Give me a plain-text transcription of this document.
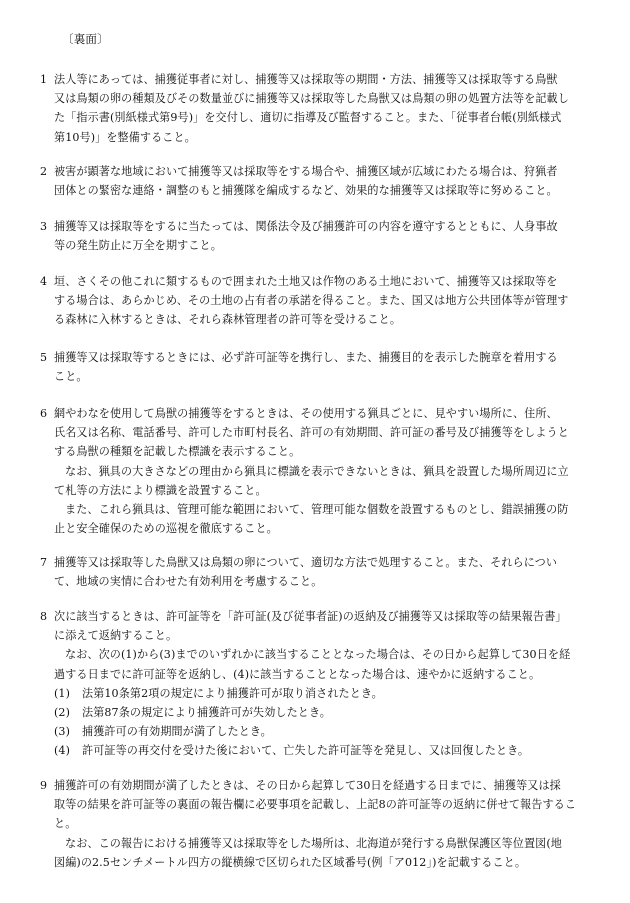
〔裏面〕
1 法人等にあっては、捕獲従事者に対し、捕獲等又は採取等の期間・方法、捕獲等又は採取等する鳥獣
又は鳥類の卵の種類及びその数量並びに捕獲等又は採取等した鳥獣又は鳥類の卵の処置方法等を記載し
た「指示書(別紙様式第9号)」を交付し、適切に指導及び監督すること。また、「従事者台帳(別紙様式
第10号)」を整備すること。
2 被害が顕著な地域において捕獲等又は採取等をする場合や、捕獲区域が広域にわたる場合は、狩猟者
団体との緊密な連絡・調整のもと捕獲隊を編成するなど、効果的な捕獲等又は採取等に努めること。
3 捕獲等又は採取等をするに当たっては、関係法令及び捕獲許可の内容を遵守するとともに、人身事故
等の発生防止に万全を期すこと。
4 垣、さくその他これに類するもので囲まれた土地又は作物のある土地において、捕獲等又は採取等を
する場合は、あらかじめ、その土地の占有者の承諾を得ること。また、国又は地方公共団体等が管理す
る森林に入林するときは、それら森林管理者の許可等を受けること。
5 捕獲等又は採取等するときには、必ず許可証等を携行し、また、捕獲目的を表示した腕章を着用する
こと。
6 網やわなを使用して鳥獣の捕獲等をするときは、その使用する猟具ごとに、見やすい場所に、住所、
氏名又は名称、電話番号、許可した市町村長名、許可の有効期間、許可証の番号及び捕獲等をしようと
する鳥獣の種類を記載した標識を表示すること。
なお、猟具の大きさなどの理由から猟具に標識を表示できないときは、猟具を設置した場所周辺に立
て札等の方法により標識を設置すること。
また、これら猟具は、管理可能な範囲において、管理可能な個数を設置するものとし、錯誤捕獲の防
止と安全確保のための巡視を徹底すること。
7 捕獲等又は採取等した鳥獣又は鳥類の卵について、適切な方法で処理すること。また、それらについ
て、地域の実情に合わせた有効利用を考慮すること。
8 次に該当するときは、許可証等を「許可証(及び従事者証)の返納及び捕獲等又は採取等の結果報告書」
に添えて返納すること。
なお、次の(1)から(3)までのいずれかに該当することとなった場合は、その日から起算して30日を経
過する日までに許可証等を返納し、(4)に該当することとなった場合は、速やかに返納すること。
(1) 法第10条第2項の規定により捕獲許可が取り消されたとき。
(2) 法第87条の規定により捕獲許可が失効したとき。
(3) 捕獲許可の有効期間が満了したとき。
(4) 許可証等の再交付を受けた後において、亡失した許可証等を発見し、又は回復したとき。
9 捕獲許可の有効期間が満了したときは、その日から起算して30日を経過する日までに、捕獲等又は採
取等の結果を許可証等の裏面の報告欄に必要事項を記載し、上記8の許可証等の返納に併せて報告するこ
と。
なお、この報告における捕獲等又は採取等をした場所は、北海道が発行する鳥獣保護区等位置図(地
図編)の2.5センチメートル四方の縦横線で区切られた区域番号(例「ア012」)を記載すること。
